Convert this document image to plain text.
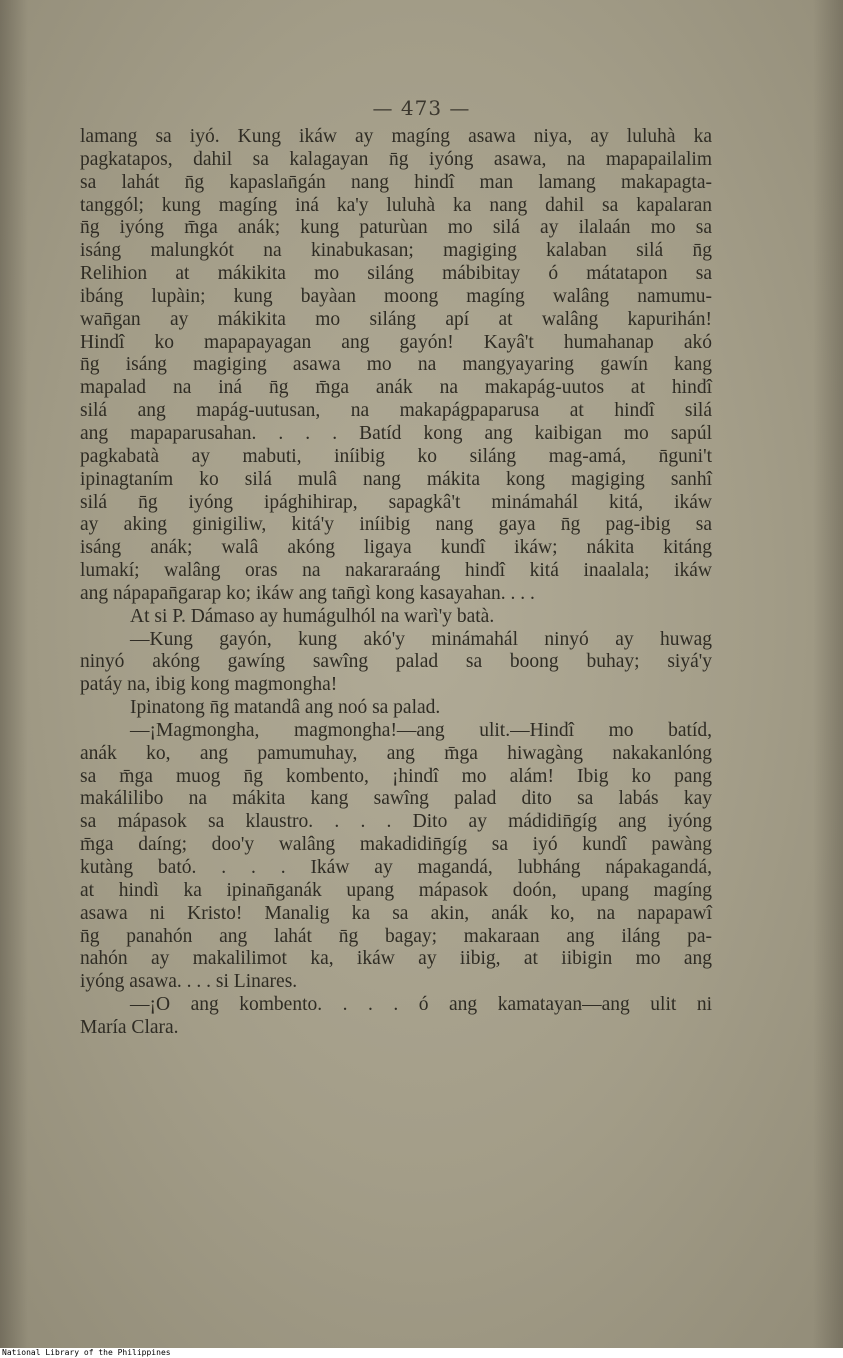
— 473 —
lamang sa iyó. Kung ikáw ay magíng asawa niya, ay luluhà ka
pagkatapos, dahil sa kalagayan n̄g iyóng asawa, na mapapailalim
sa lahát n̄g kapaslan̄gán nang hindî man lamang makapagta-
tanggól; kung magíng iná ka'y luluhà ka nang dahil sa kapalaran
n̄g iyóng m̄ga anák; kung paturùan mo silá ay ilalaán mo sa
isáng malungkót na kinabukasan; magiging kalaban silá n̄g
Relihion at mákikita mo siláng mábibitay ó mátatapon sa
ibáng lupàin; kung bayàan moong magíng walâng namumu-
wan̄gan ay mákikita mo siláng apí at walâng kapurihán!
Hindî ko mapapayagan ang gayón! Kayâ't humahanap akó
n̄g isáng magiging asawa mo na mangyayaring gawín kang
mapalad na iná n̄g m̄ga anák na makapág-uutos at hindî
silá ang mapág-uutusan, na makapágpaparusa at hindî silá
ang mapaparusahan. . . . Batíd kong ang kaibigan mo sapúl
pagkabatà ay mabuti, iníibig ko siláng mag-amá, n̄guni't
ipinagtaním ko silá mulâ nang mákita kong magiging sanhî
silá n̄g iyóng ipághihirap, sapagkâ't minámahál kitá, ikáw
ay aking ginigiliw, kitá'y iníibig nang gaya n̄g pag-ibig sa
isáng anák; walâ akóng ligaya kundî ikáw; nákita kitáng
lumakí; walâng oras na nakararaáng hindî kitá inaalala; ikáw
ang nápapan̄garap ko; ikáw ang tan̄gì kong kasayahan. . . .
At si P. Dámaso ay humágulhól na warì'y batà.
—Kung gayón, kung akó'y minámahál ninyó ay huwag
ninyó akóng gawíng sawîng palad sa boong buhay; siyá'y
patáy na, ibig kong magmongha!
Ipinatong n̄g matandâ ang noó sa palad.
—¡Magmongha, magmongha!—ang ulit.—Hindî mo batíd,
anák ko, ang pamumuhay, ang m̄ga hiwagàng nakakanlóng
sa m̄ga muog n̄g kombento, ¡hindî mo alám! Ibig ko pang
makálilibo na mákita kang sawîng palad dito sa labás kay
sa mápasok sa klaustro. . . . Dito ay mádidin̄gíg ang iyóng
m̄ga daíng; doo'y walâng makadidin̄gíg sa iyó kundî pawàng
kutàng bató. . . . Ikáw ay magandá, lubháng nápakagandá,
at hindì ka ipinan̄ganák upang mápasok doón, upang magíng
asawa ni Kristo! Manalig ka sa akin, anák ko, na napapawî
n̄g panahón ang lahát n̄g bagay; makaraan ang iláng pa-
nahón ay makalilimot ka, ikáw ay iibig, at iibigin mo ang
iyóng asawa. . . . si Linares.
—¡O ang kombento. . . . ó ang kamatayan—ang ulit ni
María Clara.
National Library of the Philippines
